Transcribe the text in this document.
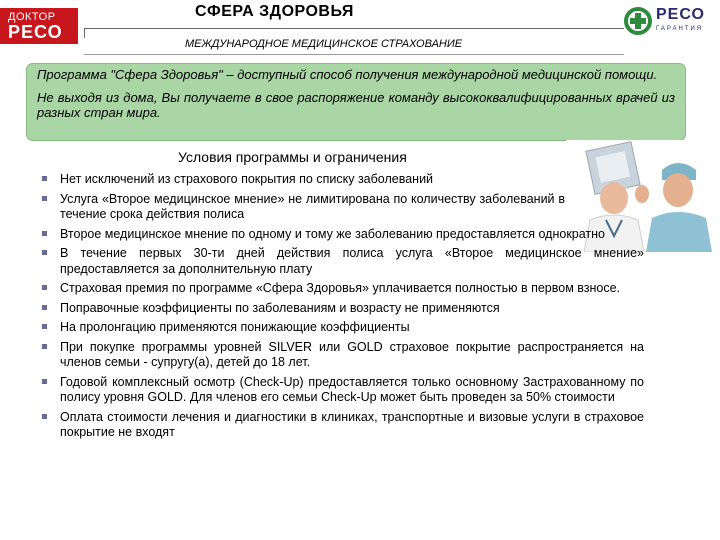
ДОКТОР
РЕСО
СФЕРА ЗДОРОВЬЯ
МЕЖДУНАРОДНОЕ МЕДИЦИНСКОЕ СТРАХОВАНИЕ
РЕСО
ГАРАНТИЯ

Программа "Сфера Здоровья" – доступный способ получения международной медицинской помощи.

Не выходя из дома, Вы получаете в свое распоряжение команду высококвалифицированных врачей из разных стран мира.

Условия программы и ограничения
Нет исключений из страхового покрытия по списку заболеваний
Услуга «Второе медицинское мнение» не лимитирована по количеству заболеваний в течение срока действия полиса
Второе медицинское мнение по одному и тому же заболеванию предоставляется однократно
В течение первых 30-ти дней действия полиса услуга «Второе медицинское мнение» предоставляется за дополнительную плату
Страховая премия по программе «Сфера Здоровья» уплачивается полностью в первом взносе.
Поправочные коэффициенты по заболеваниям и возрасту не применяются
На пролонгацию применяются понижающие коэффициенты
При покупке программы уровней SILVER или GOLD страховое покрытие распространяется на членов семьи - супругу(а), детей до 18 лет.
Годовой комплексный осмотр (Check-Up) предоставляется только основному Застрахованному по полису уровня GOLD. Для членов его семьи Check-Up может быть проведен за 50% стоимости
Оплата стоимости лечения и диагностики в клиниках, транспортные и визовые услуги в страховое покрытие не входят
